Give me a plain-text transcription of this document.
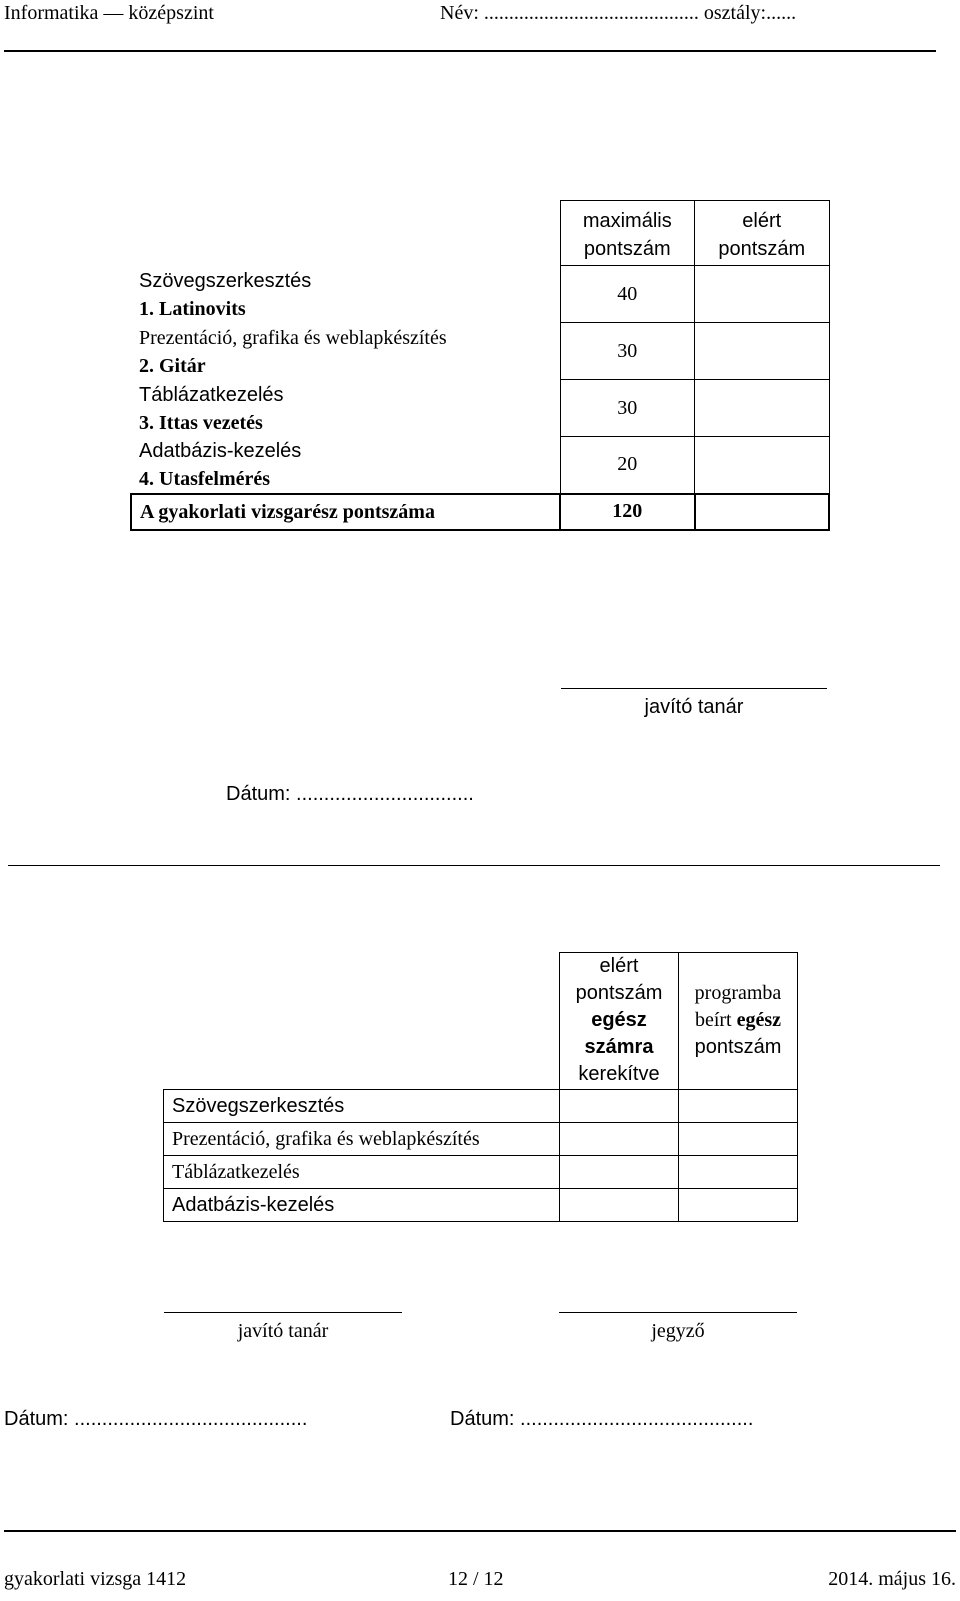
Informatika — középszint	Név: ........................................... osztály:......
	maximális
pontszám	elért
pontszám

Szövegszerkesztés
1. Latinovits	40	

Prezentáció, grafika és weblapkészítés
2. Gitár	30	

Táblázatkezelés
3. Ittas vezetés	30	

Adatbázis-kezelés
4. Utasfelmérés	20	
A gyakorlati vizsgarész pontszáma	120	
javító tanár
Dátum: ................................
	elért
pontszám
egész
számra
kerekítve	programba
beírt egész
pontszám
Szövegszerkesztés		
Prezentáció, grafika és weblapkészítés		
Táblázatkezelés		
Adatbázis-kezelés		
javító tanár	jegyző
Dátum: ..........................................	Dátum: ..........................................
gyakorlati vizsga 1412	12 / 12	2014. május 16.
